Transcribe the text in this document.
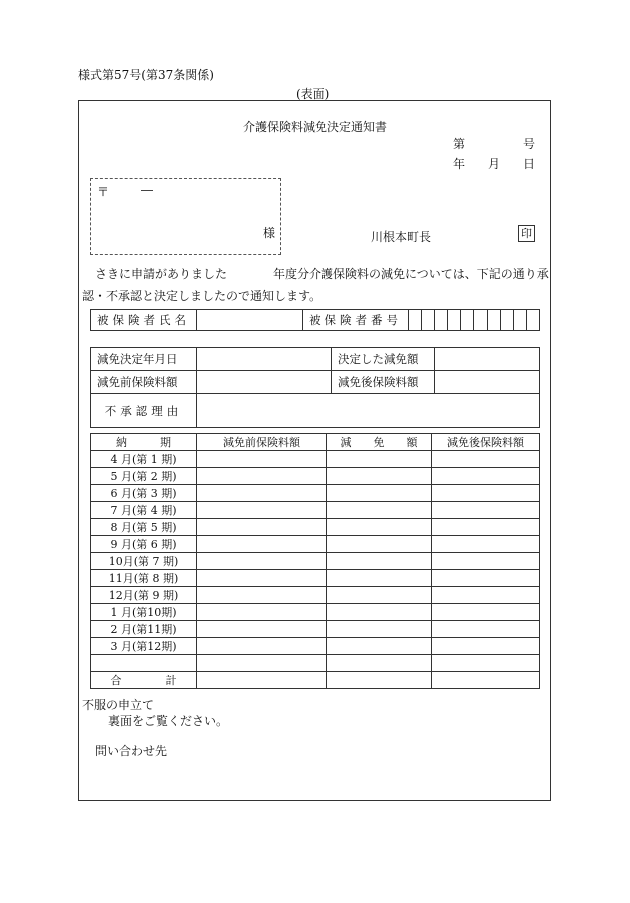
様式第57号(第37条関係)
(表面)
介護保険料減免決定通知書
第	号
年 月 日
〒	―
様	川根本町長	印
さきに申請がありました	年度分介護保険料の減免については、下記の通り承
認・不承認と決定しましたので通知します。
被保険者氏名		被保険者番号										
減免決定年月日		決定した減免額	
減免前保険料額		減免後保険料額	
不承認理由			
納　　　期	減免前保険料額	減　　免　　額	減免後保険料額
4 月(第 1 期)			
5 月(第 2 期)			
6 月(第 3 期)			
7 月(第 4 期)			
8 月(第 5 期)			
9 月(第 6 期)			
10月(第 7 期)			
11月(第 8 期)			
12月(第 9 期)			
1 月(第10期)			
2 月(第11期)			
3 月(第12期)			

合　　　　計			
不服の申立て
裏面をご覧ください。
問い合わせ先
